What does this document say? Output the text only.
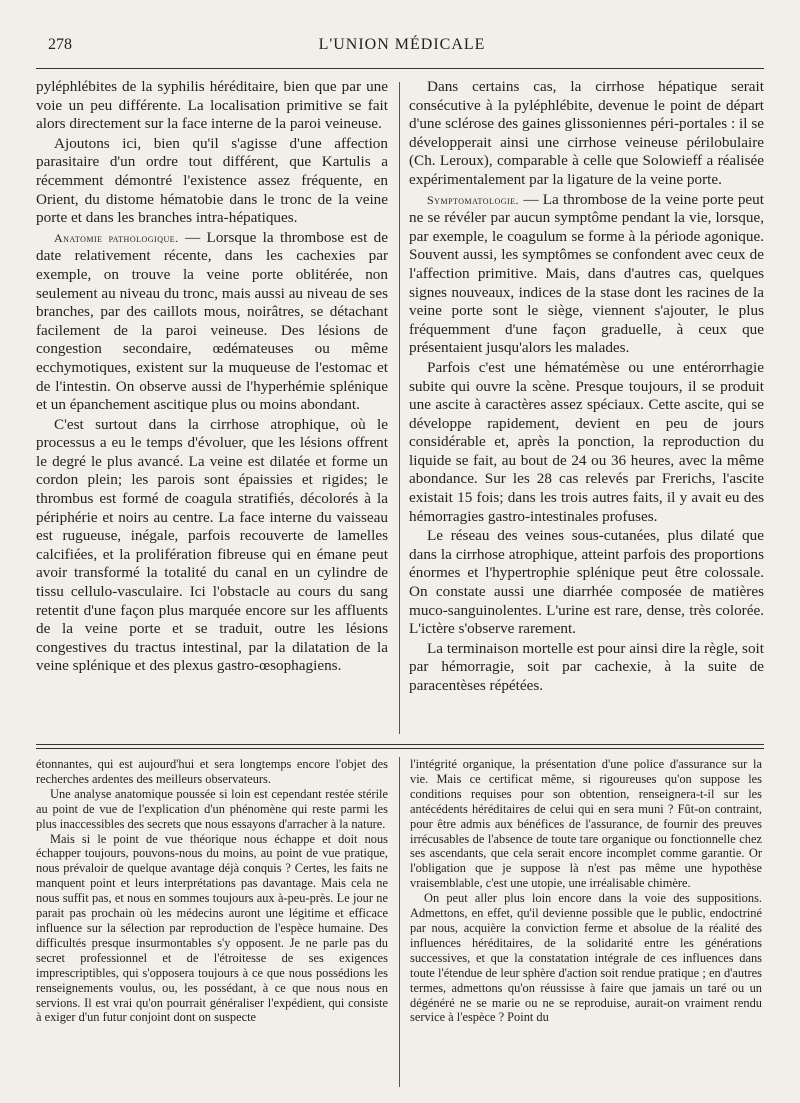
278	L'UNION MÉDICALE

pyléphlébites de la syphilis héréditaire, bien que par une voie un peu différente. La localisation primitive se fait alors directement sur la face interne de la paroi veineuse.

Ajoutons ici, bien qu'il s'agisse d'une affection parasitaire d'un ordre tout différent, que Kartulis a récemment démontré l'existence assez fréquente, en Orient, du distome hématobie dans le tronc de la veine porte et dans les branches intra-hépatiques.

Anatomie pathologique. — Lorsque la thrombose est de date relativement récente, dans les cachexies par exemple, on trouve la veine porte oblitérée, non seulement au niveau du tronc, mais aussi au niveau de ses branches, par des caillots mous, noirâtres, se détachant facilement de la paroi veineuse. Des lésions de congestion secondaire, œdémateuses ou même ecchymotiques, existent sur la muqueuse de l'estomac et de l'intestin. On observe aussi de l'hyperhémie splénique et un épanchement ascitique plus ou moins abondant.

C'est surtout dans la cirrhose atrophique, où le processus a eu le temps d'évoluer, que les lésions offrent le degré le plus avancé. La veine est dilatée et forme un cordon plein; les parois sont épaissies et rigides; le thrombus est formé de coagula stratifiés, décolorés à la périphérie et noirs au centre. La face interne du vaisseau est rugueuse, inégale, parfois recouverte de lamelles calcifiées, et la prolifération fibreuse qui en émane peut avoir transformé la totalité du canal en un cylindre de tissu cellulo-vasculaire. Ici l'obstacle au cours du sang retentit d'une façon plus marquée encore sur les affluents de la veine porte et se traduit, outre les lésions congestives du tractus intestinal, par la dilatation de la veine splénique et des plexus gastro-œsophagiens.

Dans certains cas, la cirrhose hépatique serait consécutive à la pyléphlébite, devenue le point de départ d'une sclérose des gaines glissoniennes péri-portales : il se développerait ainsi une cirrhose veineuse périlobulaire (Ch. Leroux), comparable à celle que Solowieff a réalisée expérimentalement par la ligature de la veine porte.

Symptomatologie. — La thrombose de la veine porte peut ne se révéler par aucun symptôme pendant la vie, lorsque, par exemple, le coagulum se forme à la période agonique. Souvent aussi, les symptômes se confondent avec ceux de l'affection primitive. Mais, dans d'autres cas, quelques signes nouveaux, indices de la stase dont les racines de la veine porte sont le siège, viennent s'ajouter, le plus fréquemment d'une façon graduelle, à ceux que présentaient jusqu'alors les malades.

Parfois c'est une hématémèse ou une entérorrhagie subite qui ouvre la scène. Presque toujours, il se produit une ascite à caractères assez spéciaux. Cette ascite, qui se développe rapidement, devient en peu de jours considérable et, après la ponction, la reproduction du liquide se fait, au bout de 24 ou 36 heures, avec la même abondance. Sur les 28 cas relevés par Frerichs, l'ascite existait 15 fois; dans les trois autres faits, il y avait eu des hémorragies gastro-intestinales profuses.

Le réseau des veines sous-cutanées, plus dilaté que dans la cirrhose atrophique, atteint parfois des proportions énormes et l'hypertrophie splénique peut être colossale. On constate aussi une diarrhée composée de matières muco-sanguinolentes. L'urine est rare, dense, très colorée. L'ictère s'observe rarement.

La terminaison mortelle est pour ainsi dire la règle, soit par hémorragie, soit par cachexie, à la suite de paracentèses répétées.

étonnantes, qui est aujourd'hui et sera longtemps encore l'objet des recherches ardentes des meilleurs observateurs.

Une analyse anatomique poussée si loin est cependant restée stérile au point de vue de l'explication d'un phénomène qui reste parmi les plus inaccessibles des secrets que nous essayons d'arracher à la nature.

Mais si le point de vue théorique nous échappe et doit nous échapper toujours, pouvons-nous du moins, au point de vue pratique, nous prévaloir de quelque avantage déjà conquis ? Certes, les faits ne manquent point et leurs interprétations pas davantage. Mais cela ne nous suffit pas, et nous en sommes toujours aux à-peu-près. Le jour ne parait pas prochain où les médecins auront une légitime et efficace influence sur la sélection par reproduction de l'espèce humaine. Des difficultés presque insurmontables s'y opposent. Je ne parle pas du secret professionnel et de l'étroitesse de ses exigences imprescriptibles, qui s'opposera toujours à ce que nous possédions les renseignements voulus, ou, les possédant, à ce que nous nous en servions. Il est vrai qu'on pourrait généraliser l'expédient, qui consiste à exiger d'un futur conjoint dont on suspecte

l'intégrité organique, la présentation d'une police d'assurance sur la vie. Mais ce certificat même, si rigoureuses qu'on suppose les conditions requises pour son obtention, renseignera-t-il sur les antécédents héréditaires de celui qui en sera muni ? Fût-on contraint, pour être admis aux bénéfices de l'assurance, de fournir des preuves irrécusables de l'absence de toute tare organique ou fonctionnelle chez ses ascendants, que cela serait encore incomplet comme garantie. Or l'obligation que je suppose là n'est pas même une hypothèse vraisemblable, c'est une utopie, une irréalisable chimère.

On peut aller plus loin encore dans la voie des suppositions. Admettons, en effet, qu'il devienne possible que le public, endoctriné par nous, acquière la conviction ferme et absolue de la réalité des influences héréditaires, de la solidarité entre les générations successives, et que la constatation intégrale de ces influences dans toute l'étendue de leur sphère d'action soit rendue pratique ; en d'autres termes, admettons qu'on réussisse à faire que jamais un taré ou un dégénéré ne se marie ou ne se reproduise, aurait-on vraiment rendu service à l'espèce ? Point du
